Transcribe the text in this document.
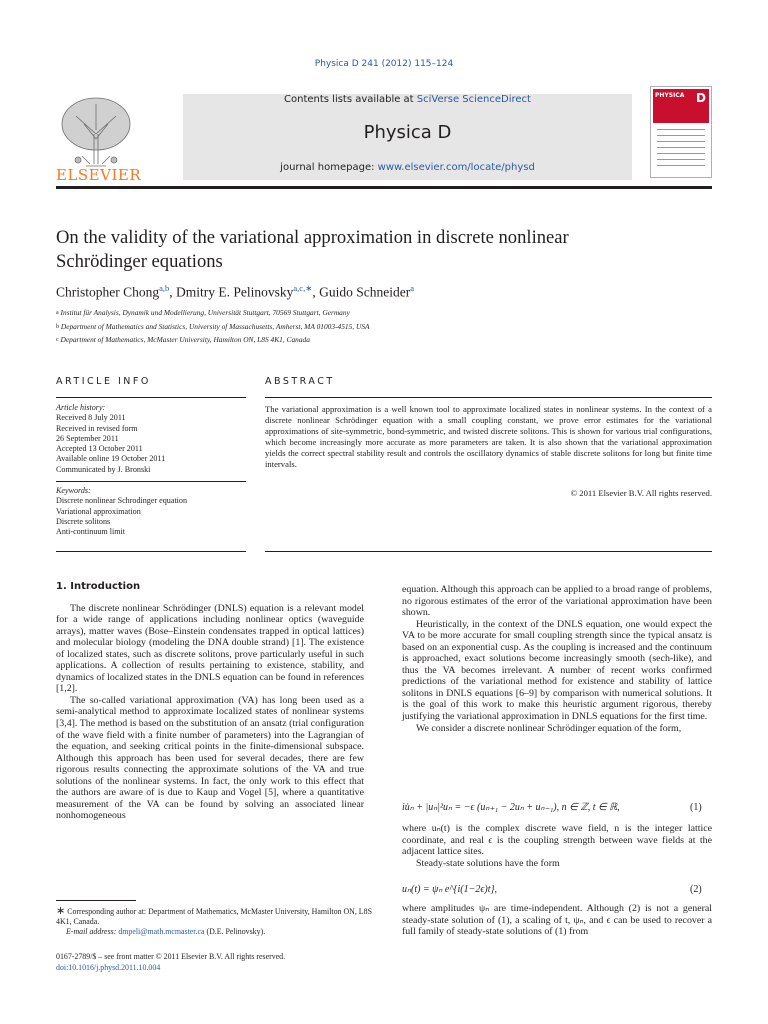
Physica D 241 (2012) 115–124
ELSEVIER
Contents lists available at SciVerse ScienceDirect
Physica D
journal homepage: www.elsevier.com/locate/physd
PHYSICA D
On the validity of the variational approximation in discrete nonlinear
Schrödinger equations
Christopher Chong$^{a,b}$, Dmitry E. Pelinovsky$^{a,c,∗}$, Guido Schneider$^a$
$^a$ Institut für Analysis, Dynamik und Modellierung, Universität Stuttgart, 70569 Stuttgart, Germany
$^b$ Department of Mathematics and Statistics, University of Massachusetts, Amherst, MA 01003-4515, USA
$^c$ Department of Mathematics, McMaster University, Hamilton ON, L8S 4K1, Canada
ARTICLE INFO	ABSTRACT
Article history:
Received 8 July 2011
Received in revised form
26 September 2011
Accepted 13 October 2011
Available online 19 October 2011
Communicated by J. Bronski
Keywords:
Discrete nonlinear Schrodinger equation
Variational approximation
Discrete solitons
Anti-continuum limit
The variational approximation is a well known tool to approximate localized states in nonlinear systems. In the context of a discrete nonlinear Schrödinger equation with a small coupling constant, we prove error estimates for the variational approximations of site-symmetric, bond-symmetric, and twisted discrete solitons. This is shown for various trial configurations, which become increasingly more accurate as more parameters are taken. It is also shown that the variational approximation yields the correct spectral stability result and controls the oscillatory dynamics of stable discrete solitons for long but finite time intervals.
© 2011 Elsevier B.V. All rights reserved.
1. Introduction

The discrete nonlinear Schrödinger (DNLS) equation is a relevant model for a wide range of applications including nonlinear optics (waveguide arrays), matter waves (Bose–Einstein condensates trapped in optical lattices) and molecular biology (modeling the DNA double strand) [1]. The existence of localized states, such as discrete solitons, prove particularly useful in such applications. A collection of results pertaining to existence, stability, and dynamics of localized states in the DNLS equation can be found in references [1,2].

The so-called variational approximation (VA) has long been used as a semi-analytical method to approximate localized states of nonlinear systems [3,4]. The method is based on the substitution of an ansatz (trial configuration of the wave field with a finite number of parameters) into the Lagrangian of the equation, and seeking critical points in the finite-dimensional subspace. Although this approach has been used for several decades, there are few rigorous results connecting the approximate solutions of the VA and true solutions of the nonlinear systems. In fact, the only work to this effect that the authors are aware of is due to Kaup and Vogel [5], where a quantitative measurement of the VA can be found by solving an associated linear nonhomogeneous

equation. Although this approach can be applied to a broad range of problems, no rigorous estimates of the error of the variational approximation have been shown.

Heuristically, in the context of the DNLS equation, one would expect the VA to be more accurate for small coupling strength since the typical ansatz is based on an exponential cusp. As the coupling is increased and the continuum is approached, exact solutions become increasingly smooth (sech-like), and thus the VA becomes irrelevant. A number of recent works confirmed predictions of the variational method for existence and stability of lattice solitons in DNLS equations [6–9] by comparison with numerical solutions. It is the goal of this work to make this heuristic argument rigorous, thereby justifying the variational approximation in DNLS equations for the first time.

We consider a discrete nonlinear Schrödinger equation of the form,

iu̇ₙ + |uₙ|²uₙ = −ϵ (uₙ₊₁ − 2uₙ + uₙ₋₁), n ∈ ℤ, t ∈ ℝ,	(1)

where uₙ(t) is the complex discrete wave field, n is the integer lattice coordinate, and real ϵ is the coupling strength between wave fields at the adjacent lattice sites.

Steady-state solutions have the form

uₙ(t) = ψₙ e^{i(1−2ϵ)t},	(2)

where amplitudes ψₙ are time-independent. Although (2) is not a general steady-state solution of (1), a scaling of t, ψₙ, and ϵ can be used to recover a full family of steady-state solutions of (1) from

∗ Corresponding author at: Department of Mathematics, McMaster University, Hamilton ON, L8S 4K1, Canada.
E-mail address: dmpeli@math.mcmaster.ca (D.E. Pelinovsky).
0167-2789/$ – see front matter © 2011 Elsevier B.V. All rights reserved.
doi:10.1016/j.physd.2011.10.004
